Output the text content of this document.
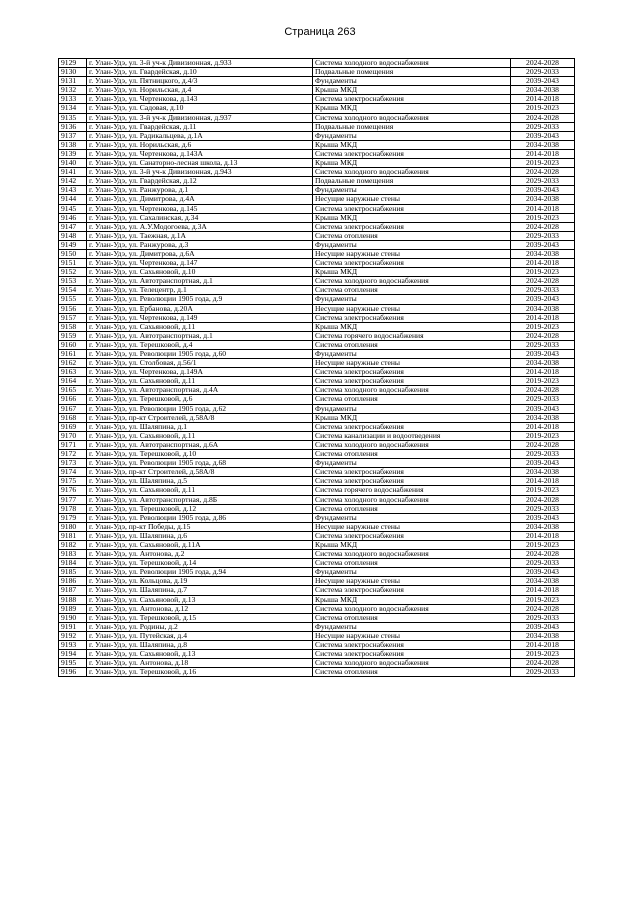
Страница 263
9129	г. Улан-Удэ, ул. 3-й уч-к Дивизионная, д.933	Система холодного водоснабжения	2024-2028
9130	г. Улан-Удэ, ул. Гвардейская, д.10	Подвальные помещения	2029-2033
9131	г. Улан-Удэ, ул. Пятницкого, д.4/3	Фундаменты	2039-2043
9132	г. Улан-Удэ, ул. Норильская, д.4	Крыша МКД	2034-2038
9133	г. Улан-Удэ, ул. Чертенкова, д.143	Система электроснабжения	2014-2018
9134	г. Улан-Удэ, ул. Садовая, д.10	Крыша МКД	2019-2023
9135	г. Улан-Удэ, ул. 3-й уч-к Дивизионная, д.937	Система холодного водоснабжения	2024-2028
9136	г. Улан-Удэ, ул. Гвардейская, д.11	Подвальные помещения	2029-2033
9137	г. Улан-Удэ, ул. Радикальцева, д.1А	Фундаменты	2039-2043
9138	г. Улан-Удэ, ул. Норильская, д.6	Крыша МКД	2034-2038
9139	г. Улан-Удэ, ул. Чертенкова, д.143А	Система электроснабжения	2014-2018
9140	г. Улан-Удэ, ул. Санаторно-лесная школа, д.13	Крыша МКД	2019-2023
9141	г. Улан-Удэ, ул. 3-й уч-к Дивизионная, д.943	Система холодного водоснабжения	2024-2028
9142	г. Улан-Удэ, ул. Гвардейская, д.12	Подвальные помещения	2029-2033
9143	г. Улан-Удэ, ул. Ранжурова, д.1	Фундаменты	2039-2043
9144	г. Улан-Удэ, ул. Димитрова, д.4А	Несущие наружные стены	2034-2038
9145	г. Улан-Удэ, ул. Чертенкова, д.145	Система электроснабжения	2014-2018
9146	г. Улан-Удэ, ул. Сахалинская, д.34	Крыша МКД	2019-2023
9147	г. Улан-Удэ, ул. А.У.Модогоева, д.3А	Система электроснабжения	2024-2028
9148	г. Улан-Удэ, ул. Таежная, д.1А	Система отопления	2029-2033
9149	г. Улан-Удэ, ул. Ранжурова, д.3	Фундаменты	2039-2043
9150	г. Улан-Удэ, ул. Димитрова, д.6А	Несущие наружные стены	2034-2038
9151	г. Улан-Удэ, ул. Чертенкова, д.147	Система электроснабжения	2014-2018
9152	г. Улан-Удэ, ул. Сахьяновой, д.10	Крыша МКД	2019-2023
9153	г. Улан-Удэ, ул. Автотранспортная, д.1	Система холодного водоснабжения	2024-2028
9154	г. Улан-Удэ, ул. Телецентр, д.1	Система отопления	2029-2033
9155	г. Улан-Удэ, ул. Революции 1905 года, д.9	Фундаменты	2039-2043
9156	г. Улан-Удэ, ул. Ербанова, д.20А	Несущие наружные стены	2034-2038
9157	г. Улан-Удэ, ул. Чертенкова, д.149	Система электроснабжения	2014-2018
9158	г. Улан-Удэ, ул. Сахьяновой, д.11	Крыша МКД	2019-2023
9159	г. Улан-Удэ, ул. Автотранспортная, д.1	Система горячего водоснабжения	2024-2028
9160	г. Улан-Удэ, ул. Терешковой, д.4	Система отопления	2029-2033
9161	г. Улан-Удэ, ул. Революции 1905 года, д.60	Фундаменты	2039-2043
9162	г. Улан-Удэ, ул. Столбовая, д.56/1	Несущие наружные стены	2034-2038
9163	г. Улан-Удэ, ул. Чертенкова, д.149А	Система электроснабжения	2014-2018
9164	г. Улан-Удэ, ул. Сахьяновой, д.11	Система электроснабжения	2019-2023
9165	г. Улан-Удэ, ул. Автотранспортная, д.4А	Система холодного водоснабжения	2024-2028
9166	г. Улан-Удэ, ул. Терешковой, д.6	Система отопления	2029-2033
9167	г. Улан-Удэ, ул. Революции 1905 года, д.62	Фундаменты	2039-2043
9168	г. Улан-Удэ, пр-кт Строителей, д.58А/8	Крыша МКД	2034-2038
9169	г. Улан-Удэ, ул. Шаляпина, д.1	Система электроснабжения	2014-2018
9170	г. Улан-Удэ, ул. Сахьяновой, д.11	Система канализации и водоотведения	2019-2023
9171	г. Улан-Удэ, ул. Автотранспортная, д.6А	Система холодного водоснабжения	2024-2028
9172	г. Улан-Удэ, ул. Терешковой, д.10	Система отопления	2029-2033
9173	г. Улан-Удэ, ул. Революции 1905 года, д.68	Фундаменты	2039-2043
9174	г. Улан-Удэ, пр-кт Строителей, д.58А/8	Система электроснабжения	2034-2038
9175	г. Улан-Удэ, ул. Шаляпина, д.5	Система электроснабжения	2014-2018
9176	г. Улан-Удэ, ул. Сахьяновой, д.11	Система горячего водоснабжения	2019-2023
9177	г. Улан-Удэ, ул. Автотранспортная, д.8Б	Система холодного водоснабжения	2024-2028
9178	г. Улан-Удэ, ул. Терешковой, д.12	Система отопления	2029-2033
9179	г. Улан-Удэ, ул. Революции 1905 года, д.86	Фундаменты	2039-2043
9180	г. Улан-Удэ, пр-кт Победы, д.15	Несущие наружные стены	2034-2038
9181	г. Улан-Удэ, ул. Шаляпина, д.6	Система электроснабжения	2014-2018
9182	г. Улан-Удэ, ул. Сахьяновой, д.11А	Крыша МКД	2019-2023
9183	г. Улан-Удэ, ул. Антонова, д.2	Система холодного водоснабжения	2024-2028
9184	г. Улан-Удэ, ул. Терешковой, д.14	Система отопления	2029-2033
9185	г. Улан-Удэ, ул. Революции 1905 года, д.94	Фундаменты	2039-2043
9186	г. Улан-Удэ, ул. Кольцова, д.19	Несущие наружные стены	2034-2038
9187	г. Улан-Удэ, ул. Шаляпина, д.7	Система электроснабжения	2014-2018
9188	г. Улан-Удэ, ул. Сахьяновой, д.13	Крыша МКД	2019-2023
9189	г. Улан-Удэ, ул. Антонова, д.12	Система холодного водоснабжения	2024-2028
9190	г. Улан-Удэ, ул. Терешковой, д.15	Система отопления	2029-2033
9191	г. Улан-Удэ, ул. Родины, д.2	Фундаменты	2039-2043
9192	г. Улан-Удэ, ул. Путейская, д.4	Несущие наружные стены	2034-2038
9193	г. Улан-Удэ, ул. Шаляпина, д.8	Система электроснабжения	2014-2018
9194	г. Улан-Удэ, ул. Сахьяновой, д.13	Система электроснабжения	2019-2023
9195	г. Улан-Удэ, ул. Антонова, д.18	Система холодного водоснабжения	2024-2028
9196	г. Улан-Удэ, ул. Терешковой, д.16	Система отопления	2029-2033
